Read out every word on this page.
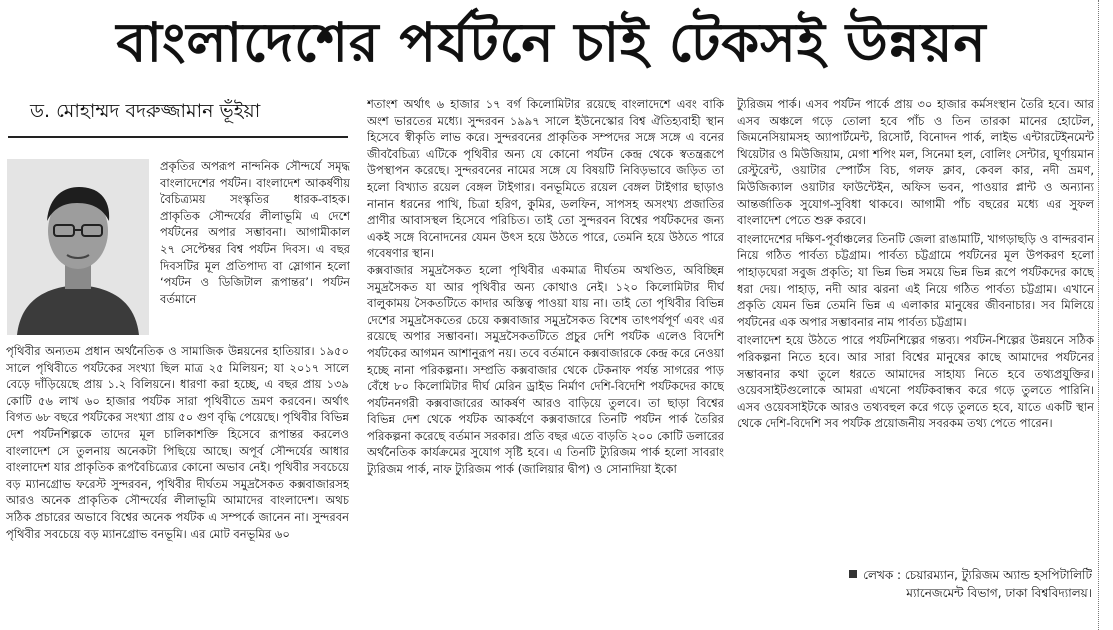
বাংলাদেশের পর্যটনে চাই টেকসই উন্নয়ন
ড. মোহাম্মদ বদরুজ্জামান ভূঁইয়া

প্রকৃতির অপরূপ নান্দনিক সৌন্দর্যে সমৃদ্ধ বাংলাদেশের পর্যটন। বাংলাদেশ আকর্ষণীয় বৈচিত্র্যময় সংস্কৃতির ধারক-বাহক। প্রাকৃতিক সৌন্দর্যের লীলাভূমি এ দেশে পর্যটনের অপার সম্ভাবনা। আগামীকাল ২৭ সেপ্টেম্বর বিশ্ব পর্যটন দিবস। এ বছর দিবসটির মূল প্রতিপাদ্য বা স্লোগান হলো ‘পর্যটন ও ডিজিটাল রূপান্তর’। পর্যটন বর্তমানে

পৃথিবীর অন্যতম প্রধান অর্থনৈতিক ও সামাজিক উন্নয়নের হাতিয়ার। ১৯৫০ সালে পৃথিবীতে পর্যটকের সংখ্যা ছিল মাত্র ২৫ মিলিয়ন; যা ২০১৭ সালে বেড়ে দাঁড়িয়েছে প্রায় ১.২ বিলিয়নে। ধারণা করা হচ্ছে, এ বছর প্রায় ১৩৯ কোটি ৫৬ লাখ ৬০ হাজার পর্যটক সারা পৃথিবীতে ভ্রমণ করবেন। অর্থাৎ বিগত ৬৮ বছরে পর্যটকের সংখ্যা প্রায় ৫০ গুণ বৃদ্ধি পেয়েছে। পৃথিবীর বিভিন্ন দেশ পর্যটনশিল্পকে তাদের মূল চালিকাশক্তি হিসেবে রূপান্তর করলেও বাংলাদেশ সে তুলনায় অনেকটা পিছিয়ে আছে। অপূর্ব সৌন্দর্যের আধার বাংলাদেশ যার প্রাকৃতিক রূপবৈচিত্র্যের কোনো অভাব নেই। পৃথিবীর সবচেয়ে বড় ম্যানগ্রোভ ফরেস্ট সুন্দরবন, পৃথিবীর দীর্ঘতম সমুদ্রসৈকত কক্সবাজারসহ আরও অনেক প্রাকৃতিক সৌন্দর্যের লীলাভূমি আমাদের বাংলাদেশ। অথচ সঠিক প্রচারের অভাবে বিশ্বের অনেক পর্যটক এ সম্পর্কে জানেন না। সুন্দরবন পৃথিবীর সবচেয়ে বড় ম্যানগ্রোভ বনভূমি। এর মোট বনভূমির ৬০

শতাংশ অর্থাৎ ৬ হাজার ১৭ বর্গ কিলোমিটার রয়েছে বাংলাদেশে এবং বাকি অংশ ভারতের মধ্যে। সুন্দরবন ১৯৯৭ সালে ইউনেস্কোর বিশ্ব ঐতিহ্যবাহী স্থান হিসেবে স্বীকৃতি লাভ করে। সুন্দরবনের প্রাকৃতিক সম্পদের সঙ্গে সঙ্গে এ বনের জীববৈচিত্র্য এটিকে পৃথিবীর অন্য যে কোনো পর্যটন কেন্দ্র থেকে স্বতন্ত্ররূপে উপস্থাপন করেছে। সুন্দরবনের নামের সঙ্গে যে বিষয়টি নিবিড়ভাবে জড়িত তা হলো বিখ্যাত রয়েল বেঙ্গল টাইগার। বনভূমিতে রয়েল বেঙ্গল টাইগার ছাড়াও নানান ধরনের পাখি, চিত্রা হরিণ, কুমির, ডলফিন, সাপসহ অসংখ্য প্রজাতির প্রাণীর আবাসস্থল হিসেবে পরিচিত। তাই তো সুন্দরবন বিশ্বের পর্যটকদের জন্য একই সঙ্গে বিনোদনের যেমন উৎস হয়ে উঠতে পারে, তেমনি হয়ে উঠতে পারে গবেষণার স্থান।

কক্সবাজার সমুদ্রসৈকত হলো পৃথিবীর একমাত্র দীর্ঘতম অখণ্ডিত, অবিচ্ছিন্ন সমুদ্রসৈকত যা আর পৃথিবীর অন্য কোথাও নেই। ১২০ কিলোমিটার দীর্ঘ বালুকাময় সৈকতটিতে কাদার অস্তিত্ব পাওয়া যায় না। তাই তো পৃথিবীর বিভিন্ন দেশের সমুদ্রসৈকতের চেয়ে কক্সবাজার সমুদ্রসৈকত বিশেষ তাৎপর্যপূর্ণ এবং এর রয়েছে অপার সম্ভাবনা। সমুদ্রসৈকতটিতে প্রচুর দেশি পর্যটক এলেও বিদেশি পর্যটকের আগমন আশানুরূপ নয়। তবে বর্তমানে কক্সবাজারকে কেন্দ্র করে নেওয়া হচ্ছে নানা পরিকল্পনা। সম্প্রতি কক্সবাজার থেকে টেকনাফ পর্যন্ত সাগরের পাড় বেঁধে ৮০ কিলোমিটার দীর্ঘ মেরিন ড্রাইভ নির্মাণ দেশি-বিদেশি পর্যটকদের কাছে পর্যটননগরী কক্সবাজারের আকর্ষণ আরও বাড়িয়ে তুলবে। তা ছাড়া বিশ্বের বিভিন্ন দেশ থেকে পর্যটক আকর্ষণে কক্সবাজারে তিনটি পর্যটন পার্ক তৈরির পরিকল্পনা করেছে বর্তমান সরকার। প্রতি বছর এতে বাড়তি ২০০ কোটি ডলারের অর্থনৈতিক কার্যক্রমের সুযোগ সৃষ্টি হবে। এ তিনটি ট্যুরিজম পার্ক হলো সাবরাং ট্যুরিজম পার্ক, নাফ ট্যুরিজম পার্ক (জালিয়ার দ্বীপ) ও সোনাদিয়া ইকো

ট্যুরিজম পার্ক। এসব পর্যটন পার্কে প্রায় ৩০ হাজার কর্মসংস্থান তৈরি হবে। আর এসব অঞ্চলে গড়ে তোলা হবে পাঁচ ও তিন তারকা মানের হোটেল, জিমনেসিয়ামসহ অ্যাপার্টমেন্ট, রিসোর্ট, বিনোদন পার্ক, লাইভ এন্টারটেইনমেন্ট থিয়েটার ও মিউজিয়াম, মেগা শপিং মল, সিনেমা হল, বোলিং সেন্টার, ঘূর্ণায়মান রেস্টুরেন্ট, ওয়াটার স্পোর্টস বিচ, গলফ ক্লাব, কেবল কার, নদী ভ্রমণ, মিউজিক্যাল ওয়াটার ফাউন্টেইন, অফিস ভবন, পাওয়ার প্লান্ট ও অন্যান্য আন্তর্জাতিক সুযোগ-সুবিধা থাকবে। আগামী পাঁচ বছরের মধ্যে এর সুফল বাংলাদেশ পেতে শুরু করবে।

বাংলাদেশের দক্ষিণ-পূর্বাঞ্চলের তিনটি জেলা রাঙামাটি, খাগড়াছড়ি ও বান্দরবান নিয়ে গঠিত পার্বত্য চট্টগ্রাম। পার্বত্য চট্টগ্রামে পর্যটনের মূল উপকরণ হলো পাহাড়ঘেরা সবুজ প্রকৃতি; যা ভিন্ন ভিন্ন সময়ে ভিন্ন ভিন্ন রূপে পর্যটকদের কাছে ধরা দেয়। পাহাড়, নদী আর ঝরনা এই নিয়ে গঠিত পার্বত্য চট্টগ্রাম। এখানে প্রকৃতি যেমন ভিন্ন তেমনি ভিন্ন এ এলাকার মানুষের জীবনাচার। সব মিলিয়ে পর্যটনের এক অপার সম্ভাবনার নাম পার্বত্য চট্টগ্রাম।

বাংলাদেশ হয়ে উঠতে পারে পর্যটনশিল্পের গন্তব্য। পর্যটন-শিল্পের উন্নয়নে সঠিক পরিকল্পনা নিতে হবে। আর সারা বিশ্বের মানুষের কাছে আমাদের পর্যটনের সম্ভাবনার কথা তুলে ধরতে আমাদের সাহায্য নিতে হবে তথ্যপ্রযুক্তির। ওয়েবসাইটগুলোকে আমরা এখনো পর্যটকবান্ধব করে গড়ে তুলতে পারিনি। এসব ওয়েবসাইটকে আরও তথ্যবহুল করে গড়ে তুলতে হবে, যাতে একটি স্থান থেকে দেশি-বিদেশি সব পর্যটক প্রয়োজনীয় সবরকম তথ্য পেতে পারেন।

লেখক : চেয়ারম্যান, ট্যুরিজম অ্যান্ড হসপিটালিটি
ম্যানেজমেন্ট বিভাগ, ঢাকা বিশ্ববিদ্যালয়।
